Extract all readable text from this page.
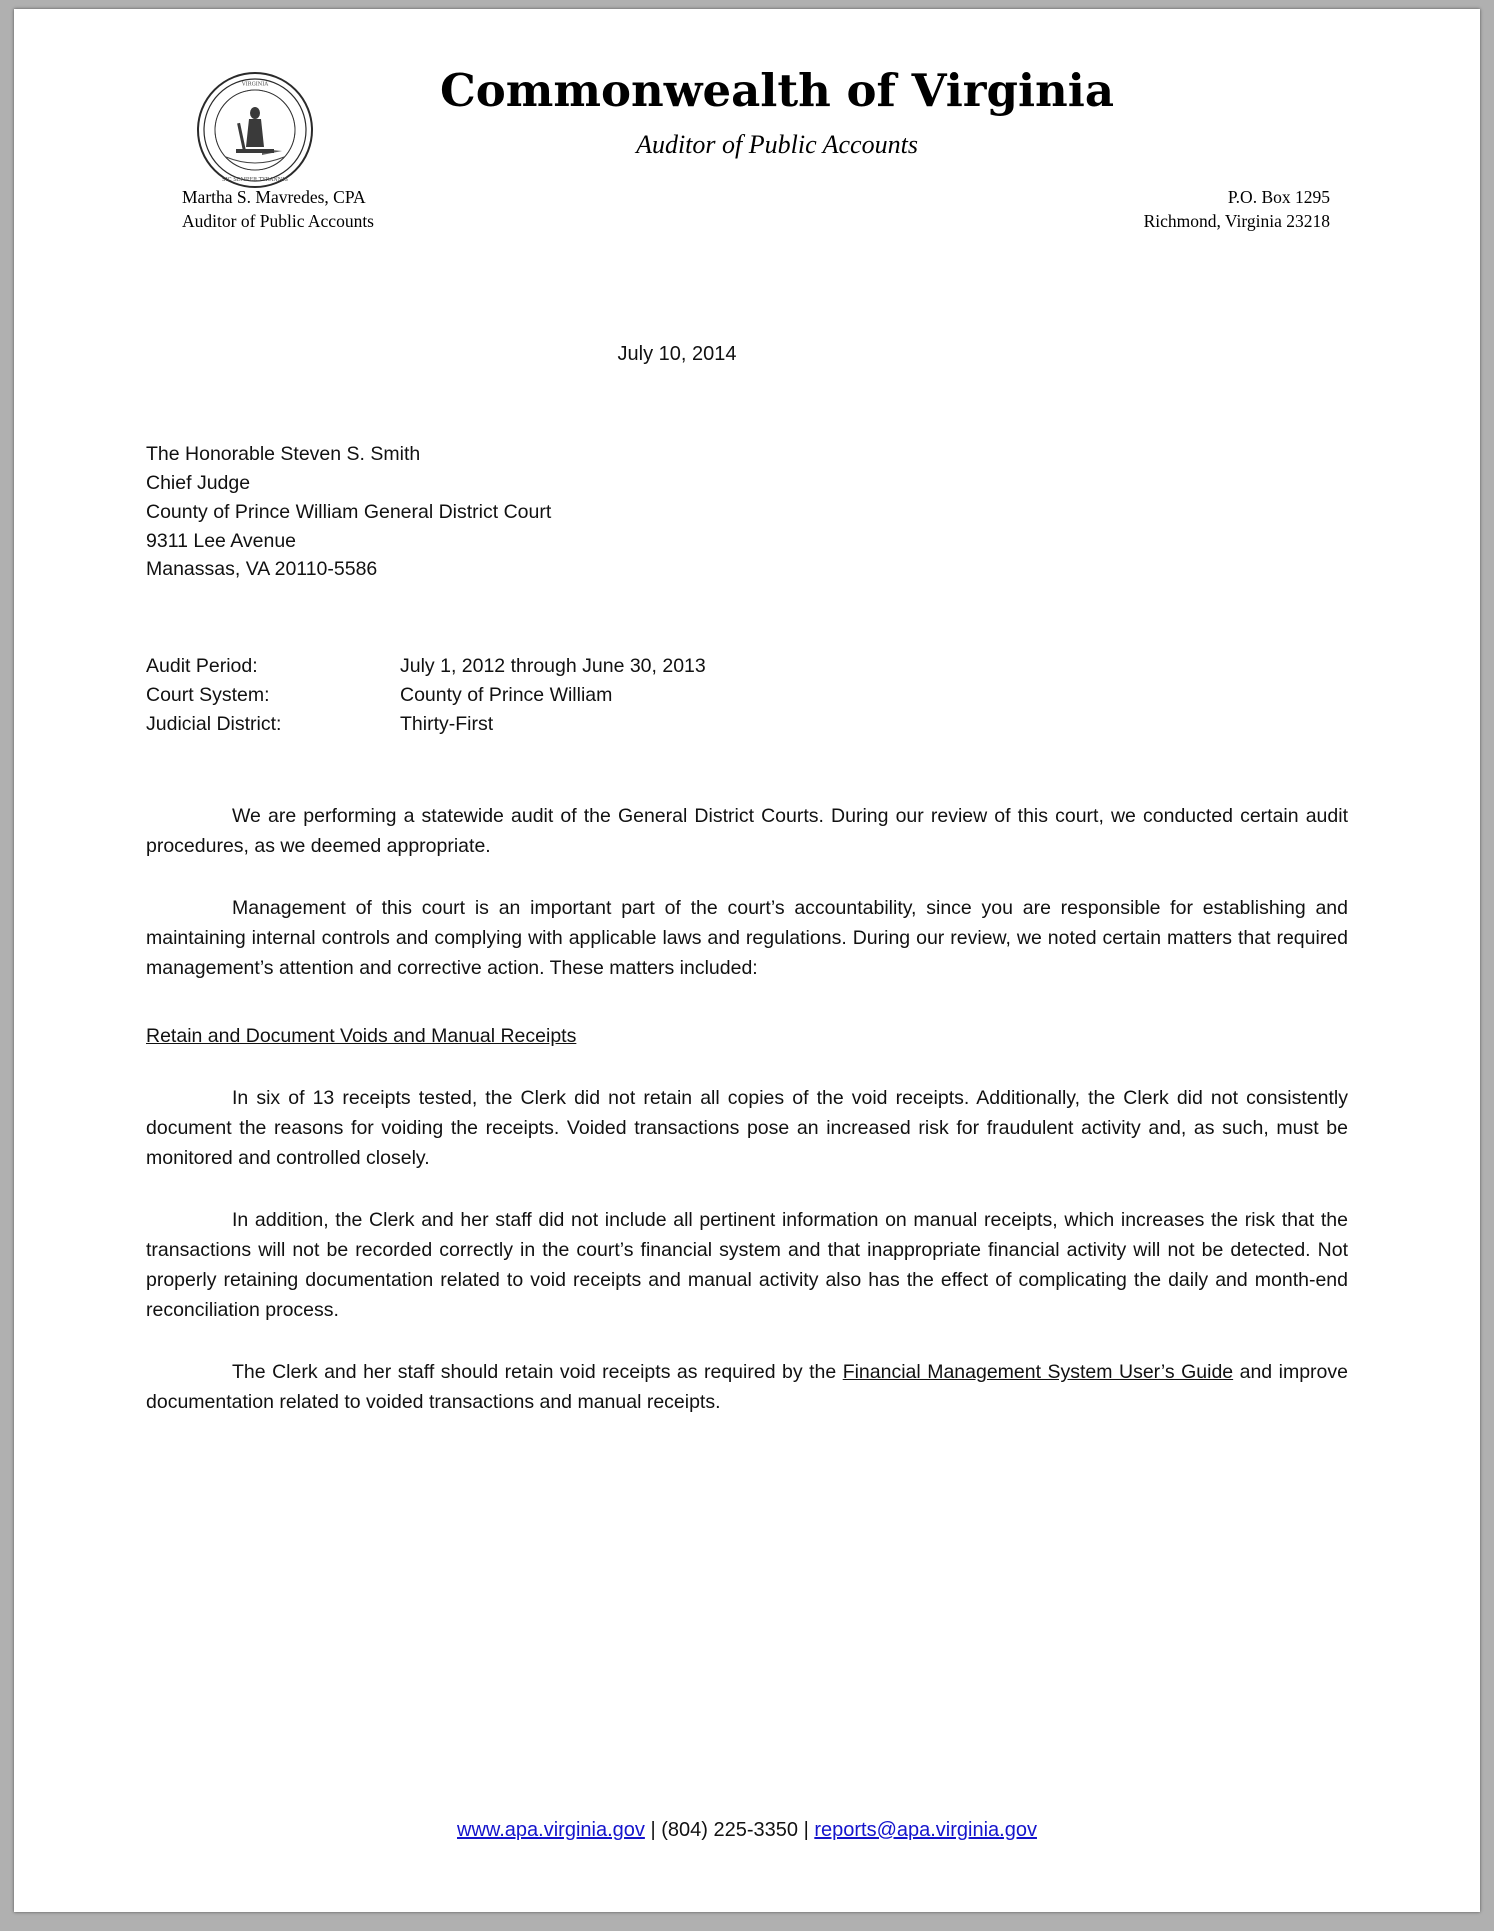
VIRGINIA
SIC SEMPER TYRANNIS
Commonwealth of Virginia
Auditor of Public Accounts
Martha S. Mavredes, CPA
Auditor of Public Accounts
P.O. Box 1295
Richmond, Virginia 23218
July 10, 2014
The Honorable Steven S. Smith
Chief Judge
County of Prince William General District Court
9311 Lee Avenue
Manassas, VA 20110-5586
Audit Period:	July 1, 2012 through June 30, 2013
Court System:	County of Prince William
Judicial District:	Thirty-First

We are performing a statewide audit of the General District Courts. During our review of this court, we conducted certain audit procedures, as we deemed appropriate.

Management of this court is an important part of the court’s accountability, since you are responsible for establishing and maintaining internal controls and complying with applicable laws and regulations. During our review, we noted certain matters that required management’s attention and corrective action. These matters included:

Retain and Document Voids and Manual Receipts

In six of 13 receipts tested, the Clerk did not retain all copies of the void receipts. Additionally, the Clerk did not consistently document the reasons for voiding the receipts. Voided transactions pose an increased risk for fraudulent activity and, as such, must be monitored and controlled closely.

In addition, the Clerk and her staff did not include all pertinent information on manual receipts, which increases the risk that the transactions will not be recorded correctly in the court’s financial system and that inappropriate financial activity will not be detected. Not properly retaining documentation related to void receipts and manual activity also has the effect of complicating the daily and month-end reconciliation process.

The Clerk and her staff should retain void receipts as required by the Financial Management System User’s Guide and improve documentation related to voided transactions and manual receipts.

www.apa.virginia.gov | (804) 225-3350 | reports@apa.virginia.gov
